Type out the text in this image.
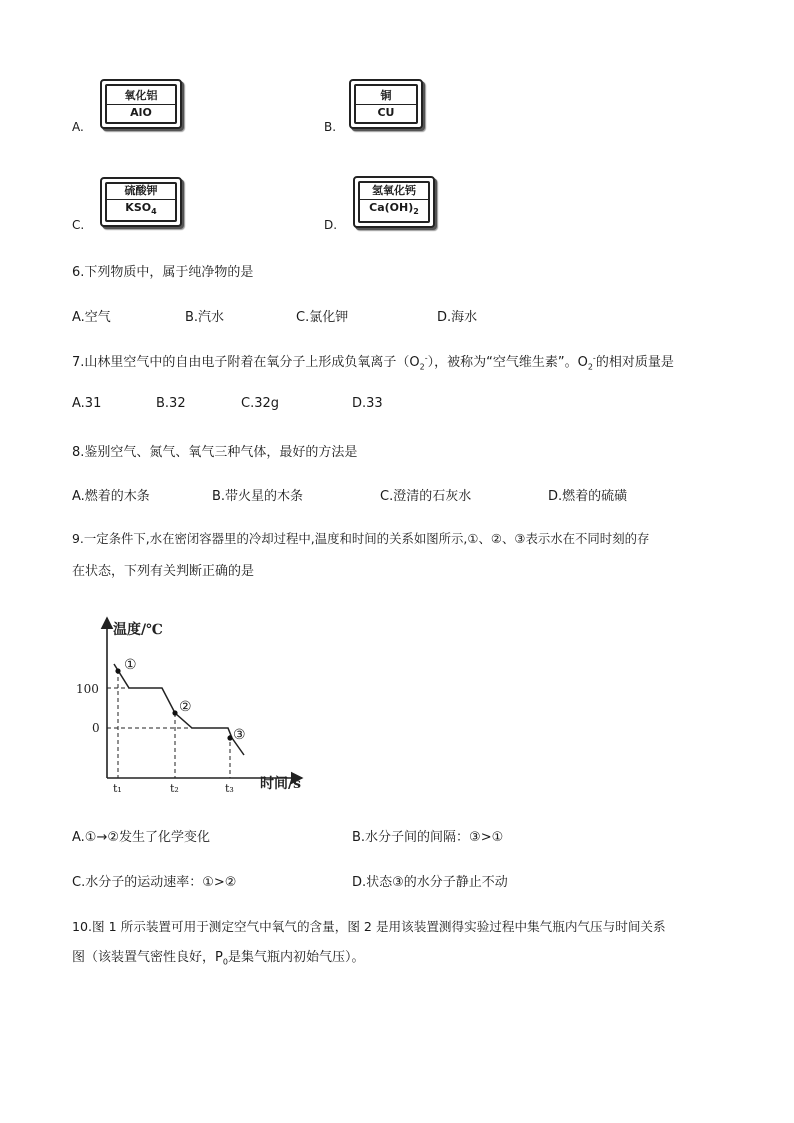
A.
氧化铝
AlO
B.
铜
CU
C.
硫酸钾
$KSO_4$
D.
氢氧化钙
$Ca(OH)_2$
6.下列物质中，属于纯净物的是
A.空气	B.汽水	C.氯化钾	D.海水
7.山林里空气中的自由电子附着在氧分子上形成负氧离子$(O_2^-)$，被称为“空气维生素”。$O_2^-$的相对质量是
A.31	B.32	C.32g	D.33
8.鉴别空气、氮气、氧气三种气体，最好的方法是
A.燃着的木条	B.带火星的木条	C.澄清的石灰水	D.燃着的硫磺
9.一定条件下,水在密闭容器里的冷却过程中,温度和时间的关系如图所示,①、②、③表示水在不同时刻的存
在状态，下列有关判断正确的是
温度/℃
时间/s
100
0
①
②
③
t₁	t₂	t₃
A.①→②发生了化学变化	B.水分子间的间隔：③>①
C.水分子的运动速率：①>②	D.状态③的水分子静止不动
10.图 1 所示装置可用于测定空气中氧气的含量，图 2 是用该装置测得实验过程中集气瓶内气压与时间关系
图（该装置气密性良好，$P_0$是集气瓶内初始气压）。
